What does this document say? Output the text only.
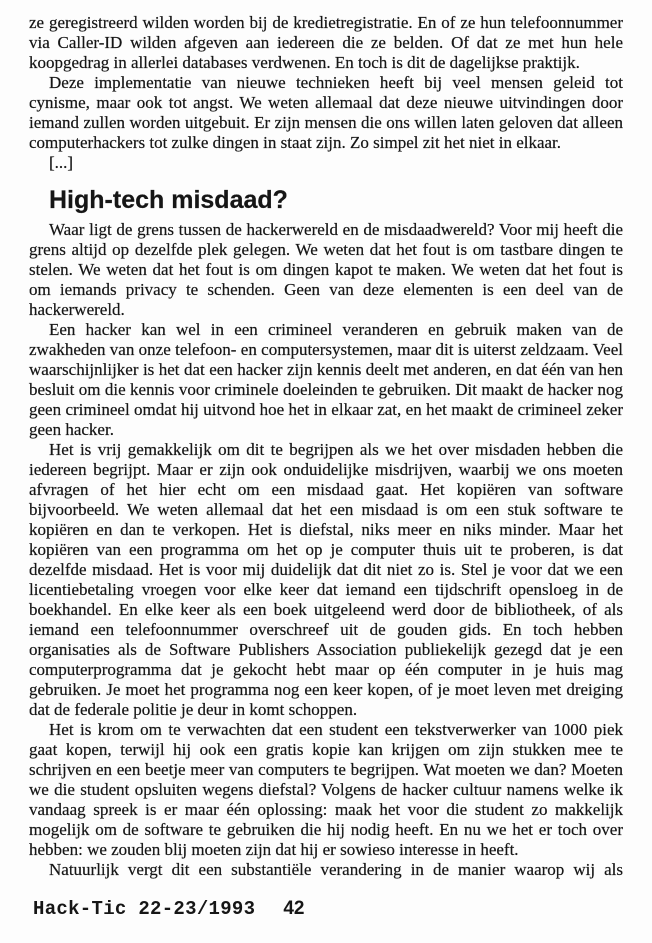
ze geregistreerd wilden worden bij de kredietregistratie. En of ze hun telefoonnummer via Caller-ID wilden afgeven aan iedereen die ze belden. Of dat ze met hun hele koopgedrag in allerlei databases verdwenen. En toch is dit de dagelijkse praktijk.

Deze implementatie van nieuwe technieken heeft bij veel mensen geleid tot cynisme, maar ook tot angst. We weten allemaal dat deze nieuwe uitvindingen door iemand zullen worden uitgebuit. Er zijn mensen die ons willen laten geloven dat alleen computerhackers tot zulke dingen in staat zijn. Zo simpel zit het niet in elkaar.

[...]

High-tech misdaad?

Waar ligt de grens tussen de hackerwereld en de misdaadwereld? Voor mij heeft die grens altijd op dezelfde plek gelegen. We weten dat het fout is om tastbare dingen te stelen. We weten dat het fout is om dingen kapot te maken. We weten dat het fout is om iemands privacy te schenden. Geen van deze elementen is een deel van de hackerwereld.

Een hacker kan wel in een crimineel veranderen en gebruik maken van de zwakheden van onze telefoon- en computersystemen, maar dit is uiterst zeldzaam. Veel waarschijnlijker is het dat een hacker zijn kennis deelt met anderen, en dat één van hen besluit om die kennis voor criminele doeleinden te gebruiken. Dit maakt de hacker nog geen crimineel omdat hij uitvond hoe het in elkaar zat, en het maakt de crimineel zeker geen hacker.

Het is vrij gemakkelijk om dit te begrijpen als we het over misdaden hebben die iedereen begrijpt. Maar er zijn ook onduidelijke misdrijven, waarbij we ons moeten afvragen of het hier echt om een misdaad gaat. Het kopiëren van software bijvoorbeeld. We weten allemaal dat het een misdaad is om een stuk software te kopiëren en dan te verkopen. Het is diefstal, niks meer en niks minder. Maar het kopiëren van een programma om het op je computer thuis uit te proberen, is dat dezelfde misdaad. Het is voor mij duidelijk dat dit niet zo is. Stel je voor dat we een licentiebetaling vroegen voor elke keer dat iemand een tijdschrift opensloeg in de boekhandel. En elke keer als een boek uitgeleend werd door de bibliotheek, of als iemand een telefoonnummer overschreef uit de gouden gids. En toch hebben organisaties als de Software Publishers Association publiekelijk gezegd dat je een computerprogramma dat je gekocht hebt maar op één computer in je huis mag gebruiken. Je moet het programma nog een keer kopen, of je moet leven met dreiging dat de federale politie je deur in komt schoppen.

Het is krom om te verwachten dat een student een tekstverwerker van 1000 piek gaat kopen, terwijl hij ook een gratis kopie kan krijgen om zijn stukken mee te schrijven en een beetje meer van computers te begrijpen. Wat moeten we dan? Moeten we die student opsluiten wegens diefstal? Volgens de hacker cultuur namens welke ik vandaag spreek is er maar één oplossing: maak het voor die student zo makkelijk mogelijk om de software te gebruiken die hij nodig heeft. En nu we het er toch over hebben: we zouden blij moeten zijn dat hij er sowieso interesse in heeft.

Natuurlijk vergt dit een substantiële verandering in de manier waarop wij als

Hack-Tic 22-23/1993 42
